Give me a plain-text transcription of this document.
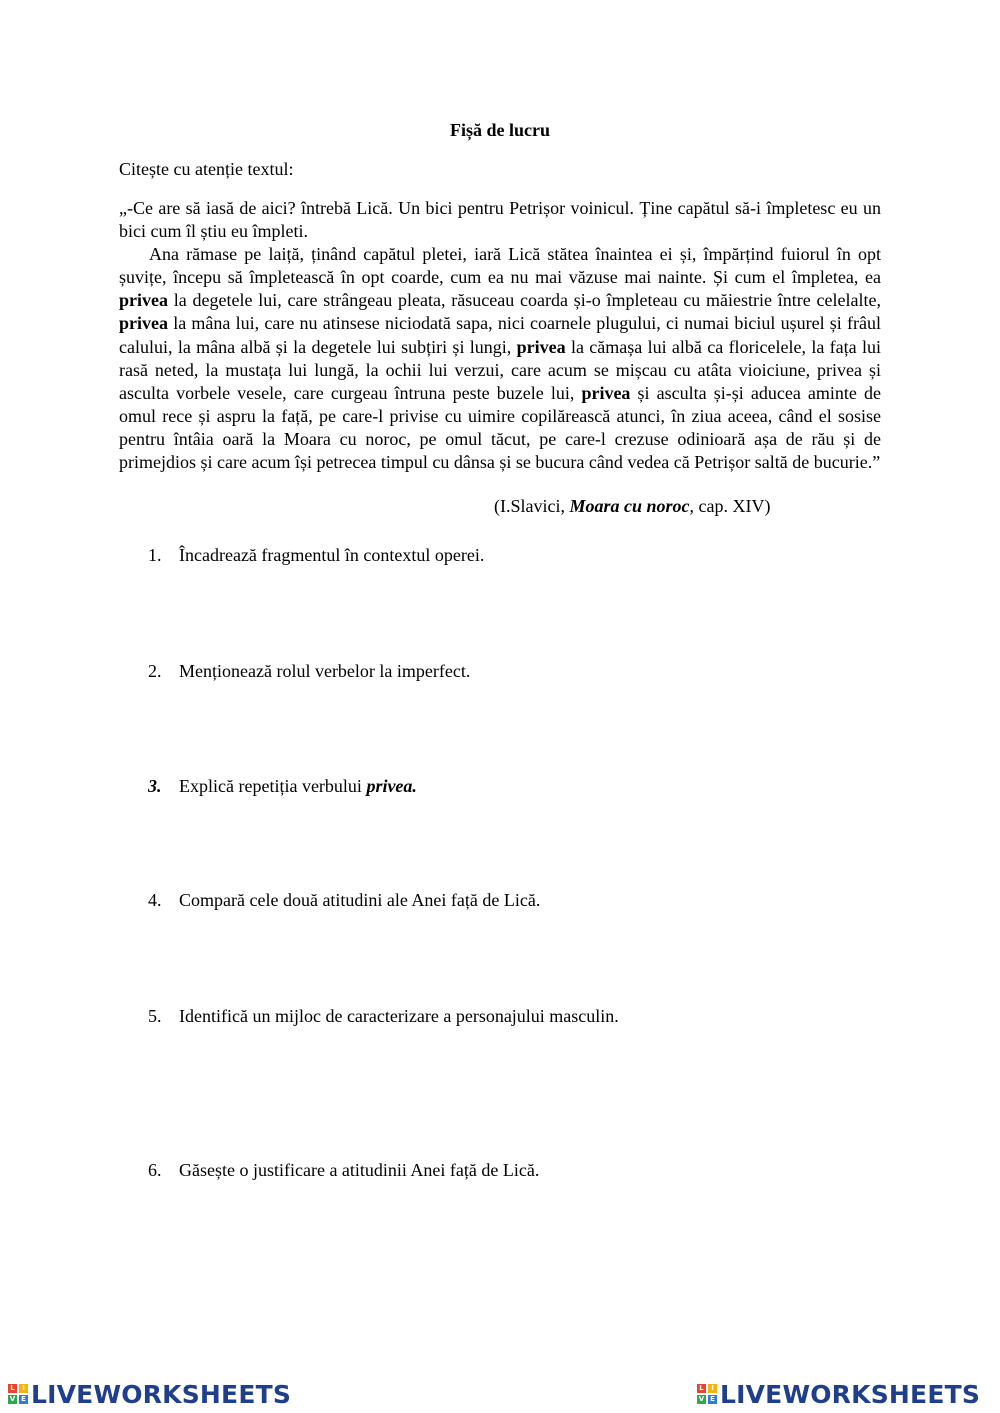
Fișă de lucru
Citește cu atenție textul:

„-Ce are să iasă de aici? întrebă Lică. Un bici pentru Petrișor voinicul. Ține capătul să-i împletesc eu un bici cum îl știu eu împleti.

Ana rămase pe laiță, ținând capătul pletei, iară Lică stătea înaintea ei și, împărțind fuiorul în opt șuvițe, începu să împletească în opt coarde, cum ea nu mai văzuse mai nainte. Și cum el împletea, ea privea la degetele lui, care strângeau pleata, răsuceau coarda și-o împleteau cu măiestrie între celelalte, privea la mâna lui, care nu atinsese niciodată sapa, nici coarnele plugului, ci numai biciul ușurel și frâul calului, la mâna albă și la degetele lui subțiri și lungi, privea la cămașa lui albă ca floricelele, la fața lui rasă neted, la mustața lui lungă, la ochii lui verzui, care acum se mișcau cu atâta vioiciune, privea și asculta vorbele vesele, care curgeau întruna peste buzele lui, privea și asculta și-și aducea aminte de omul rece și aspru la față, pe care-l privise cu uimire copilărească atunci, în ziua aceea, când el sosise pentru întâia oară la Moara cu noroc, pe omul tăcut, pe care-l crezuse odinioară așa de rău și de primejdios și care acum își petrecea timpul cu dânsa și se bucura când vedea că Petrișor saltă de bucurie.”

(I.Slavici, Moara cu noroc, cap. XIV)
1. Încadrează fragmentul în contextul operei.
2. Menționează rolul verbelor la imperfect.
3. Explică repetiția verbului privea.
4. Compară cele două atitudini ale Anei față de Lică.
5. Identifică un mijloc de caracterizare a personajului masculin.
6. Găsește o justificare a atitudinii Anei față de Lică.
L	I
V E LIVEWORKSHEETS	L	I
V E LIVEWORKSHEETS
